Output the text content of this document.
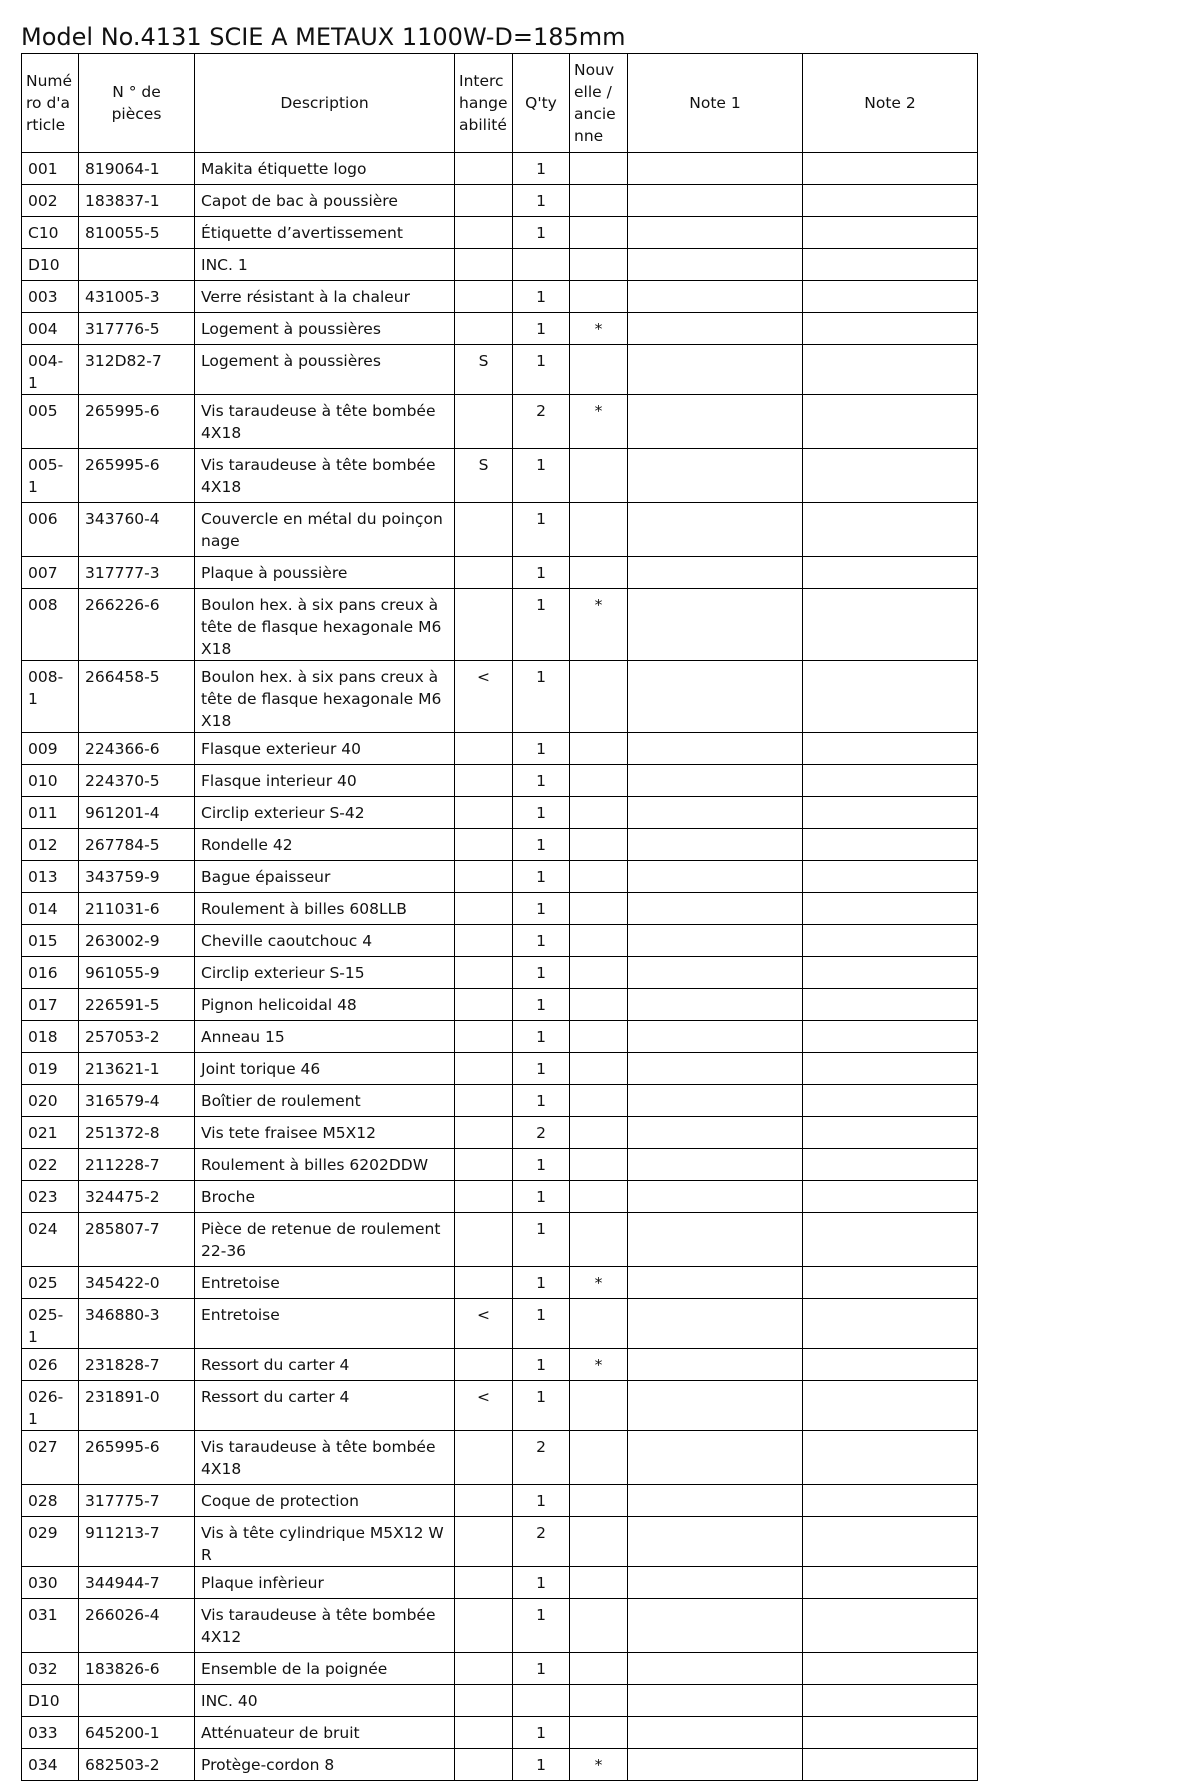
Model No.4131 SCIE A METAUX 1100W-D=185mm
Numéro d'article	N ° de pièces	Description	Interchangeabilité	Q'ty	Nouvelle / ancienne	Note 1	Note 2
001	819064-1	Makita étiquette logo		1			
002	183837-1	Capot de bac à poussière		1			
C10	810055-5	Étiquette d’avertissement		1			
D10		INC. 1					
003	431005-3	Verre résistant à la chaleur		1			
004	317776-5	Logement à poussières		1	*		
004-1	312D82-7	Logement à poussières	S	1			
005	265995-6	Vis taraudeuse à tête bombée 4X18		2	*		
005-1	265995-6	Vis taraudeuse à tête bombée 4X18	S	1			
006	343760-4	Couvercle en métal du poinçonnage		1			
007	317777-3	Plaque à poussière		1			
008	266226-6	Boulon hex. à six pans creux à tête de flasque hexagonale M6X18		1	*		
008-1	266458-5	Boulon hex. à six pans creux à tête de flasque hexagonale M6X18	<	1			
009	224366-6	Flasque exterieur 40		1			
010	224370-5	Flasque interieur 40		1			
011	961201-4	Circlip exterieur S-42		1			
012	267784-5	Rondelle 42		1			
013	343759-9	Bague épaisseur		1			
014	211031-6	Roulement à billes 608LLB		1			
015	263002-9	Cheville caoutchouc 4		1			
016	961055-9	Circlip exterieur S-15		1			
017	226591-5	Pignon helicoidal 48		1			
018	257053-2	Anneau 15		1			
019	213621-1	Joint torique 46		1			
020	316579-4	Boîtier de roulement		1			
021	251372-8	Vis tete fraisee M5X12		2			
022	211228-7	Roulement à billes 6202DDW		1			
023	324475-2	Broche		1			
024	285807-7	Pièce de retenue de roulement 22-36		1			
025	345422-0	Entretoise		1	*		
025-1	346880-3	Entretoise	<	1			
026	231828-7	Ressort du carter 4		1	*		
026-1	231891-0	Ressort du carter 4	<	1			
027	265995-6	Vis taraudeuse à tête bombée 4X18		2			
028	317775-7	Coque de protection		1			
029	911213-7	Vis à tête cylindrique M5X12 WR		2			
030	344944-7	Plaque infèrieur		1			
031	266026-4	Vis taraudeuse à tête bombée 4X12		1			
032	183826-6	Ensemble de la poignée		1			
D10		INC. 40					
033	645200-1	Atténuateur de bruit		1			
034	682503-2	Protège-cordon 8		1	*		
